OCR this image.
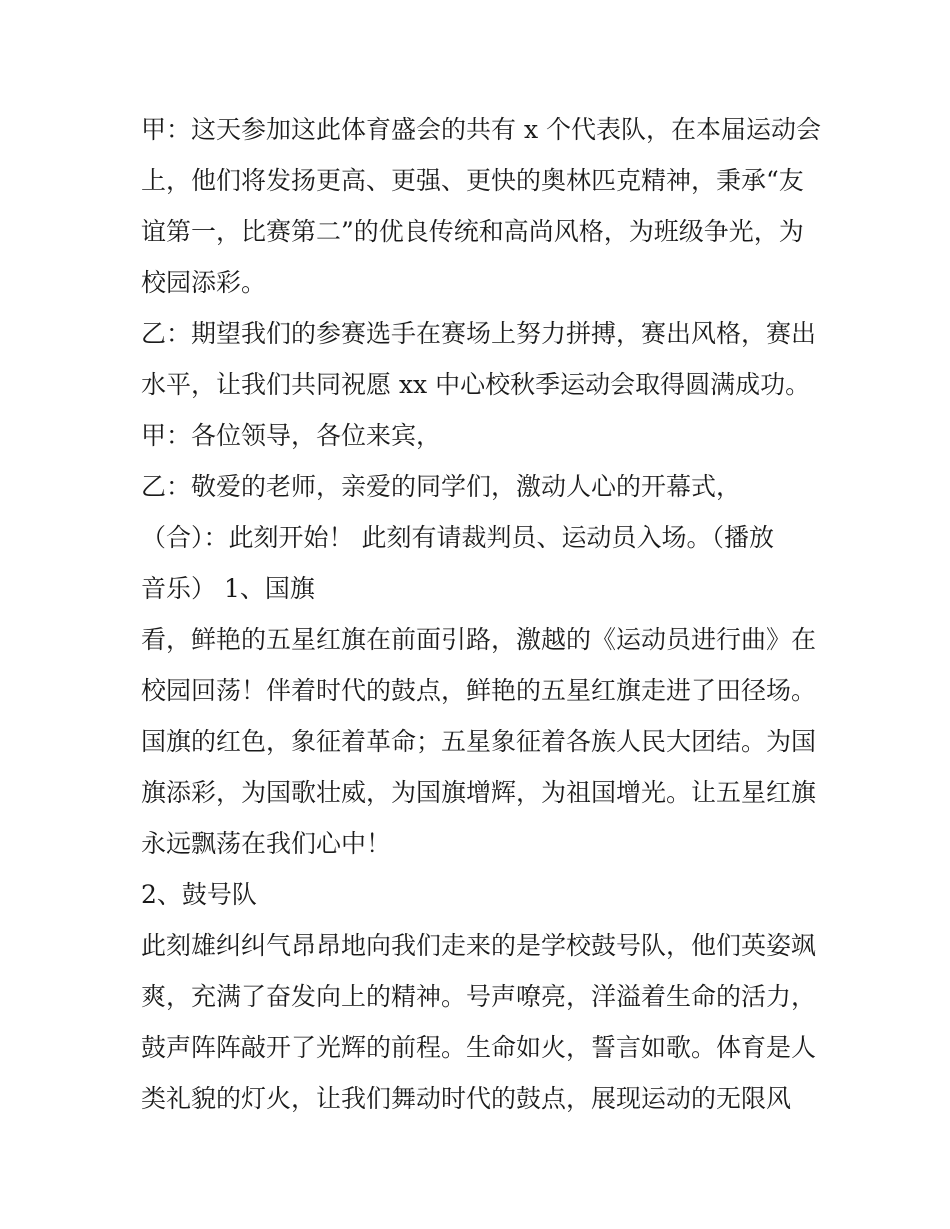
甲：这天参加这此体育盛会的共有 x 个代表队，在本届运动会
上，他们将发扬更高、更强、更快的奥林匹克精神，秉承“友
谊第一，比赛第二”的优良传统和高尚风格，为班级争光，为
校园添彩。
乙：期望我们的参赛选手在赛场上努力拼搏，赛出风格，赛出
水平，让我们共同祝愿 xx 中心校秋季运动会取得圆满成功。
甲：各位领导，各位来宾，
乙：敬爱的老师，亲爱的同学们，激动人心的开幕式，
（合）：此刻开始！ 此刻有请裁判员、运动员入场。（播放
音乐） 1、国旗
看，鲜艳的五星红旗在前面引路，激越的《运动员进行曲》在
校园回荡！伴着时代的鼓点，鲜艳的五星红旗走进了田径场。
国旗的红色，象征着革命；五星象征着各族人民大团结。为国
旗添彩，为国歌壮威，为国旗增辉，为祖国增光。让五星红旗
永远飘荡在我们心中！
2、鼓号队
此刻雄纠纠气昂昂地向我们走来的是学校鼓号队，他们英姿飒
爽，充满了奋发向上的精神。号声嘹亮，洋溢着生命的活力，
鼓声阵阵敲开了光辉的前程。生命如火，誓言如歌。体育是人
类礼貌的灯火，让我们舞动时代的鼓点，展现运动的无限风
